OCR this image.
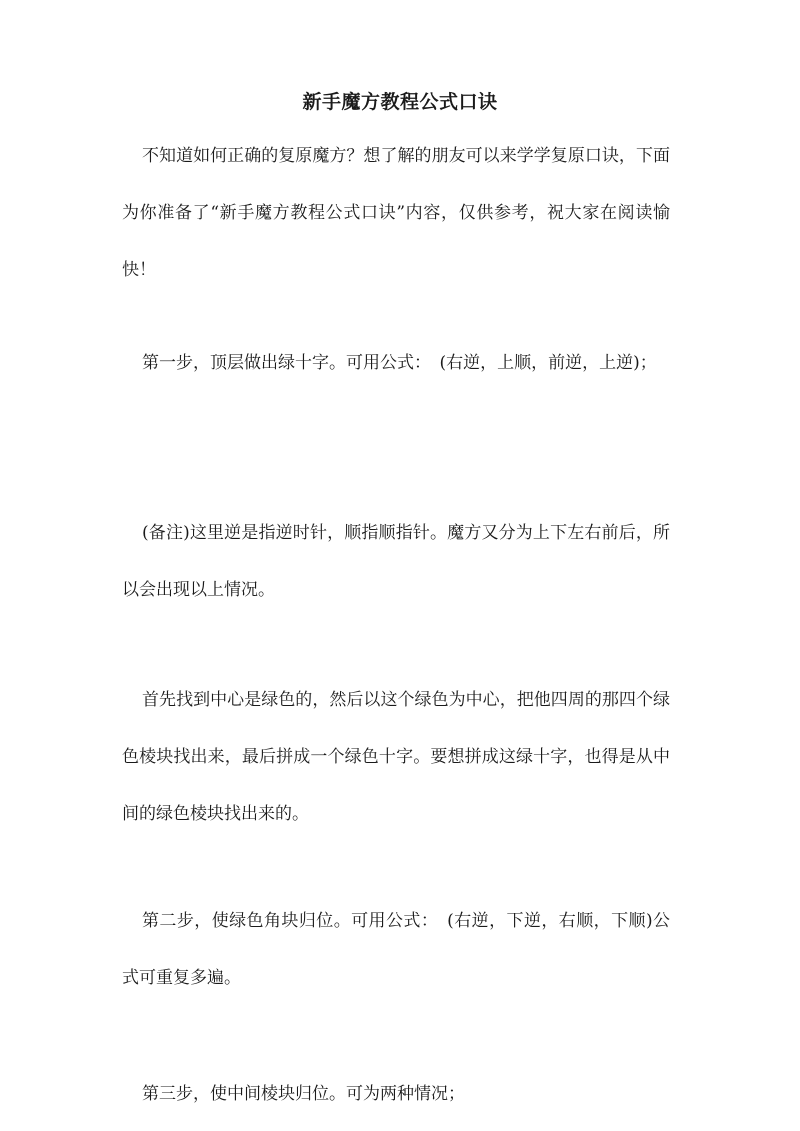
新手魔方教程公式口诀
不知道如何正确的复原魔方？想了解的朋友可以来学学复原口诀，下面为你准备了“新手魔方教程公式口诀”内容，仅供参考，祝大家在阅读愉快！
第一步，顶层做出绿十字。可用公式：　(右逆，上顺，前逆，上逆)；
(备注)这里逆是指逆时针，顺指顺指针。魔方又分为上下左右前后，所以会出现以上情况。
首先找到中心是绿色的，然后以这个绿色为中心，把他四周的那四个绿色棱块找出来，最后拼成一个绿色十字。要想拼成这绿十字，也得是从中间的绿色棱块找出来的。
第二步，使绿色角块归位。可用公式：　(右逆，下逆，右顺，下顺)公式可重复多遍。
第三步，使中间棱块归位。可为两种情况；
